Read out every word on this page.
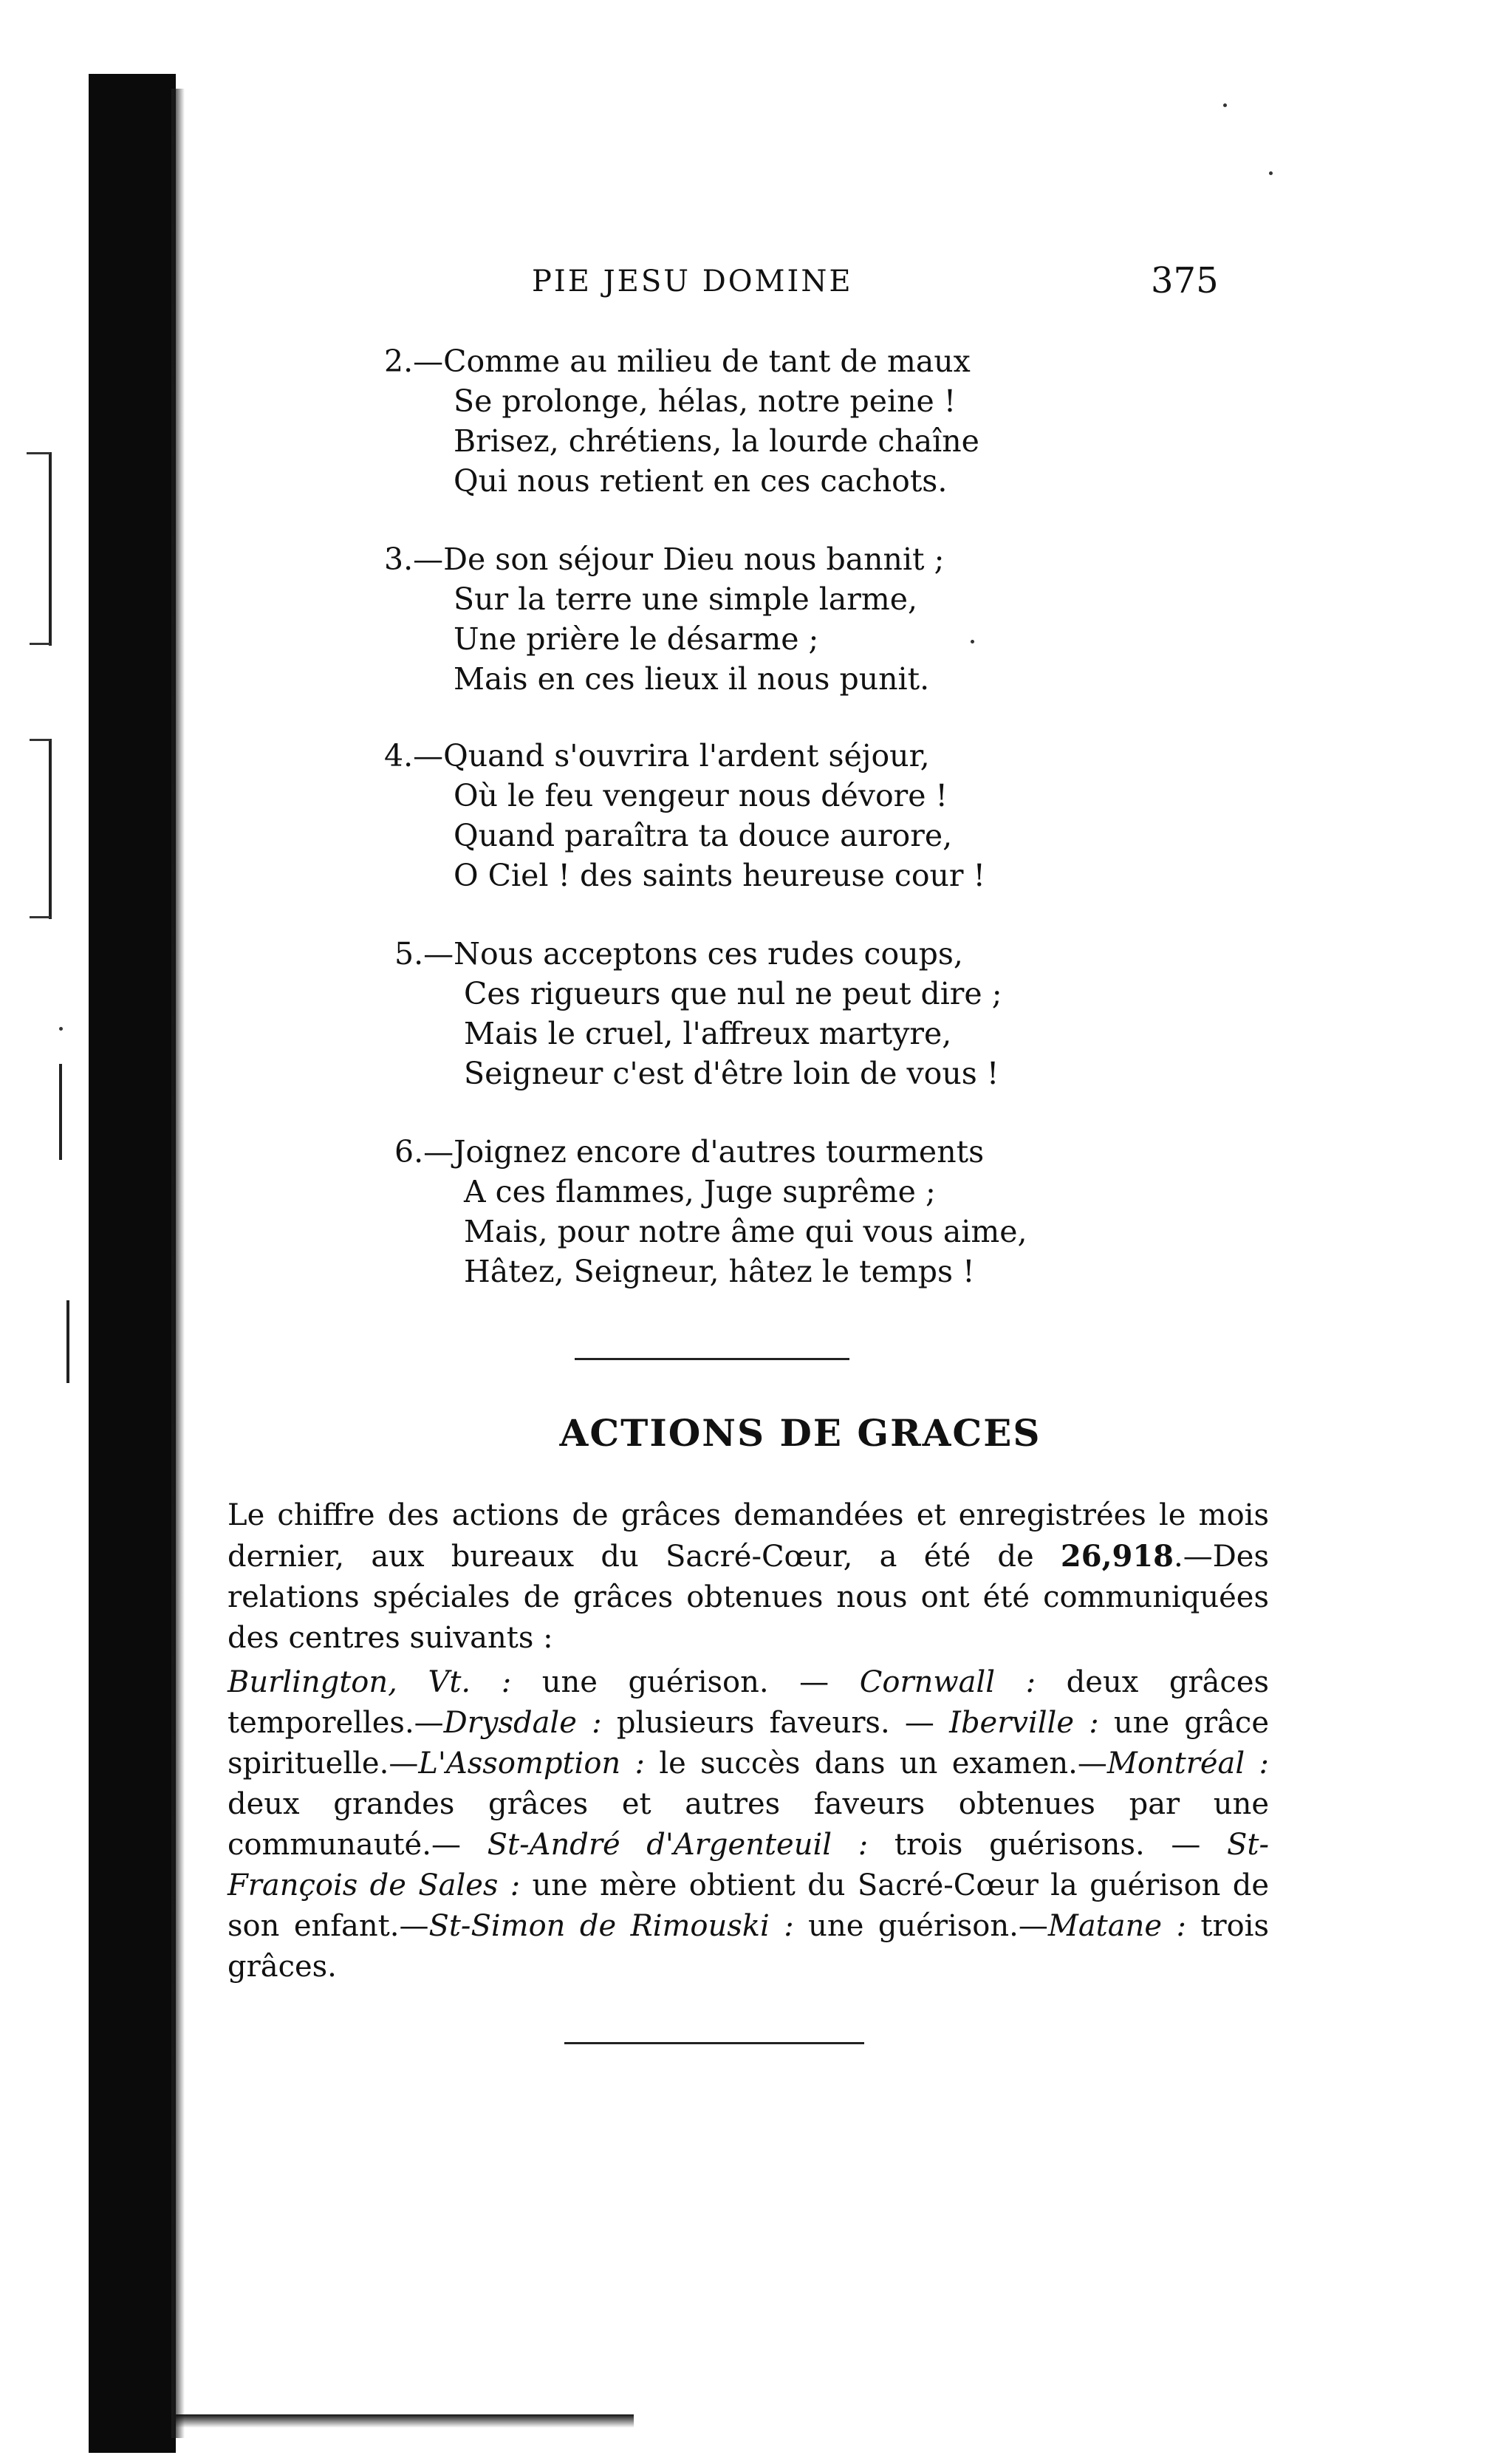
PIE JESU DOMINE	375
2.—Comme au milieu de tant de maux
Se prolonge, hélas, notre peine !
Brisez, chrétiens, la lourde chaîne
Qui nous retient en ces cachots.
3.—De son séjour Dieu nous bannit ;
Sur la terre une simple larme,
Une prière le désarme ;
Mais en ces lieux il nous punit.
4.—Quand s'ouvrira l'ardent séjour,
Où le feu vengeur nous dévore !
Quand paraîtra ta douce aurore,
O Ciel ! des saints heureuse cour !
5.—Nous acceptons ces rudes coups,
Ces rigueurs que nul ne peut dire ;
Mais le cruel, l'affreux martyre,
Seigneur c'est d'être loin de vous !
6.—Joignez encore d'autres tourments
A ces flammes, Juge suprême ;
Mais, pour notre âme qui vous aime,
Hâtez, Seigneur, hâtez le temps !
ACTIONS DE GRACES
Le chiffre des actions de grâces demandées et enregistrées le mois dernier, aux bureaux du Sacré-Cœur, a été de 26,918.—Des relations spéciales de grâces obtenues nous ont été communiquées des centres suivants :
Burlington, Vt. : une guérison. — Cornwall : deux grâces temporelles.—Drysdale : plusieurs faveurs. — Iberville : une grâce spirituelle.—L'Assomption : le succès dans un examen.—Montréal : deux grandes grâces et autres faveurs obtenues par une communauté.— St-André d'Argenteuil : trois guérisons. — St-François de Sales : une mère obtient du Sacré-Cœur la guérison de son enfant.—St-Simon de Rimouski : une guérison.—Matane : trois grâces.
